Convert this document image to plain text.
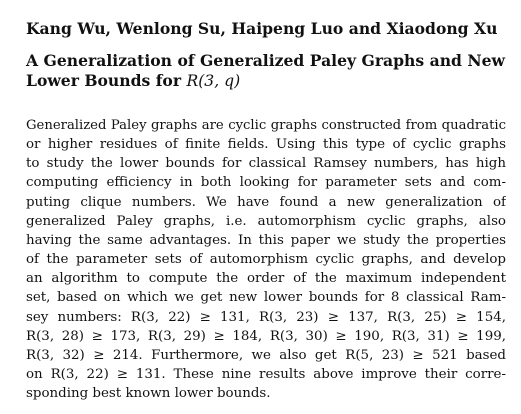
Kang Wu, Wenlong Su, Haipeng Luo and Xiaodong Xu
A Generalization of Generalized Paley Graphs and New
Lower Bounds for R(3, q)
Generalized Paley graphs are cyclic graphs constructed from quadratic
or higher residues of finite fields. Using this type of cyclic graphs
to study the lower bounds for classical Ramsey numbers, has high
computing efficiency in both looking for parameter sets and com-
puting clique numbers. We have found a new generalization of
generalized Paley graphs, i.e. automorphism cyclic graphs, also
having the same advantages. In this paper we study the properties
of the parameter sets of automorphism cyclic graphs, and develop
an algorithm to compute the order of the maximum independent
set, based on which we get new lower bounds for 8 classical Ram-
sey numbers: R(3, 22) ≥ 131, R(3, 23) ≥ 137, R(3, 25) ≥ 154,
R(3, 28) ≥ 173, R(3, 29) ≥ 184, R(3, 30) ≥ 190, R(3, 31) ≥ 199,
R(3, 32) ≥ 214. Furthermore, we also get R(5, 23) ≥ 521 based
on R(3, 22) ≥ 131. These nine results above improve their corre-
sponding best known lower bounds.
